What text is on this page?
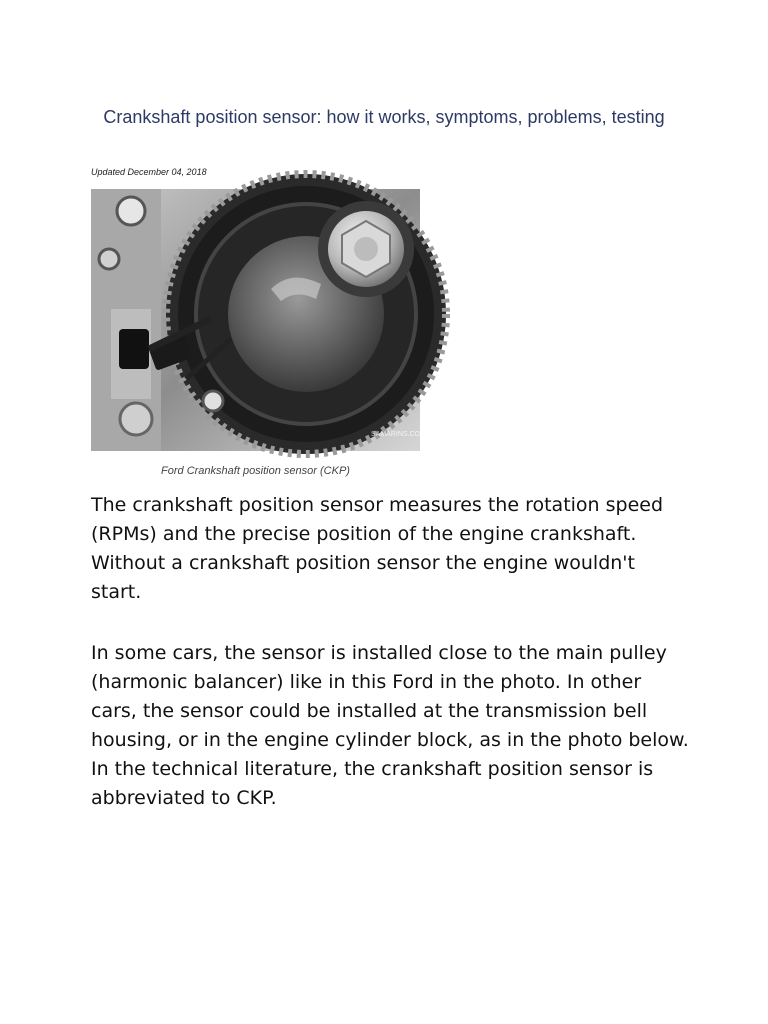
Crankshaft position sensor: how it works, symptoms, problems, testing
Updated December 04, 2018
SAMARINS.COM
Ford Crankshaft position sensor (CKP)

The crankshaft position sensor measures the rotation speed (RPMs) and the precise position of the engine crankshaft. Without a crankshaft position sensor the engine wouldn't start.

In some cars, the sensor is installed close to the main pulley (harmonic balancer) like in this Ford in the photo. In other cars, the sensor could be installed at the transmission bell housing, or in the engine cylinder block, as in the photo below. In the technical literature, the crankshaft position sensor is abbreviated to CKP.
